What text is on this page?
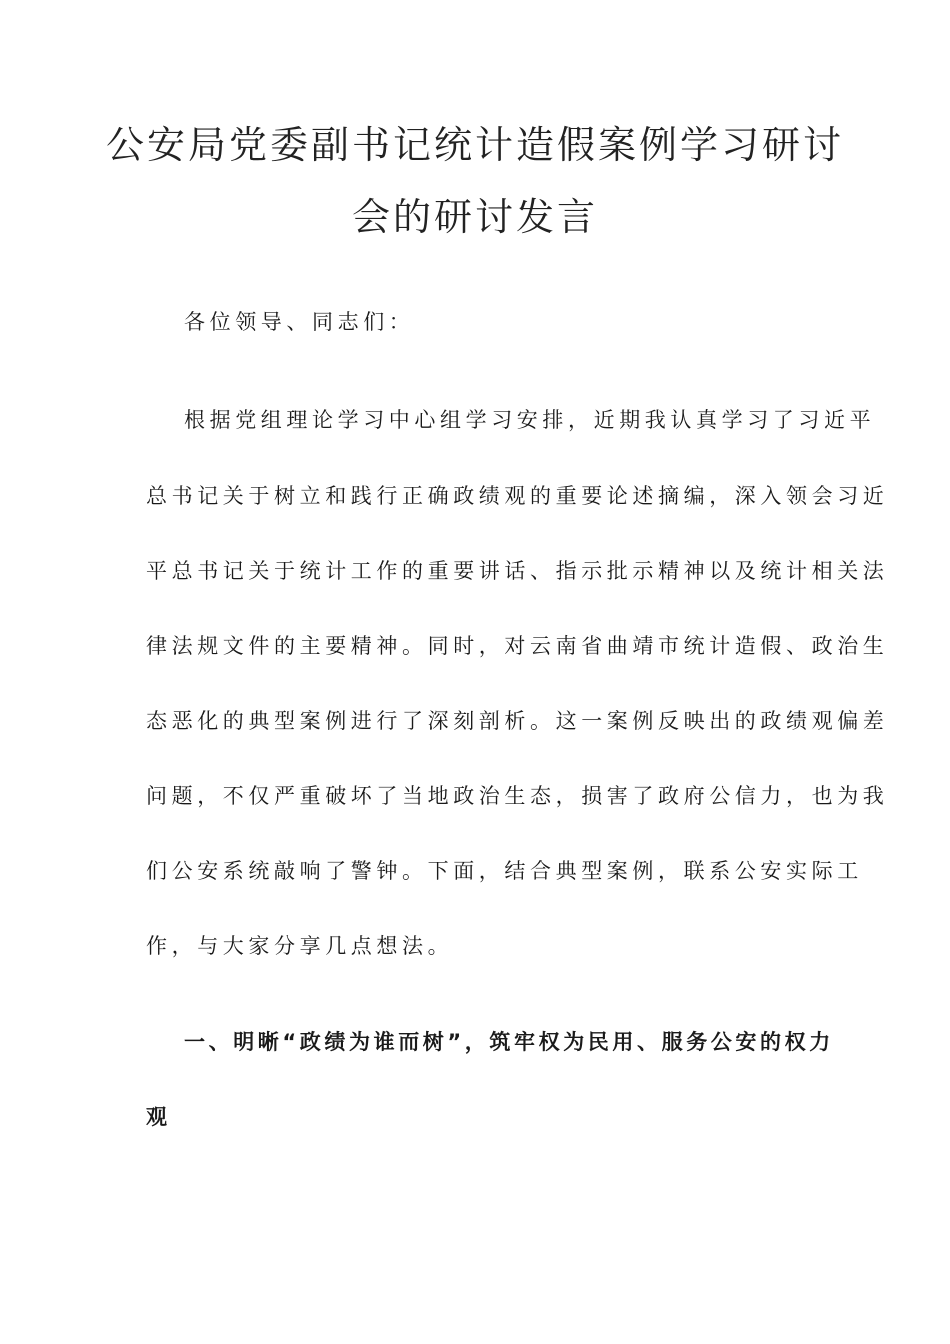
公安局党委副书记统计造假案例学习研讨
会的研讨发言
各位领导、同志们：
根据党组理论学习中心组学习安排，近期我认真学习了习近平
总书记关于树立和践行正确政绩观的重要论述摘编，深入领会习近
平总书记关于统计工作的重要讲话、指示批示精神以及统计相关法
律法规文件的主要精神。同时，对云南省曲靖市统计造假、政治生
态恶化的典型案例进行了深刻剖析。这一案例反映出的政绩观偏差
问题，不仅严重破坏了当地政治生态，损害了政府公信力，也为我
们公安系统敲响了警钟。下面，结合典型案例，联系公安实际工
作，与大家分享几点想法。
一、明晰“政绩为谁而树”，筑牢权为民用、服务公安的权力
观
